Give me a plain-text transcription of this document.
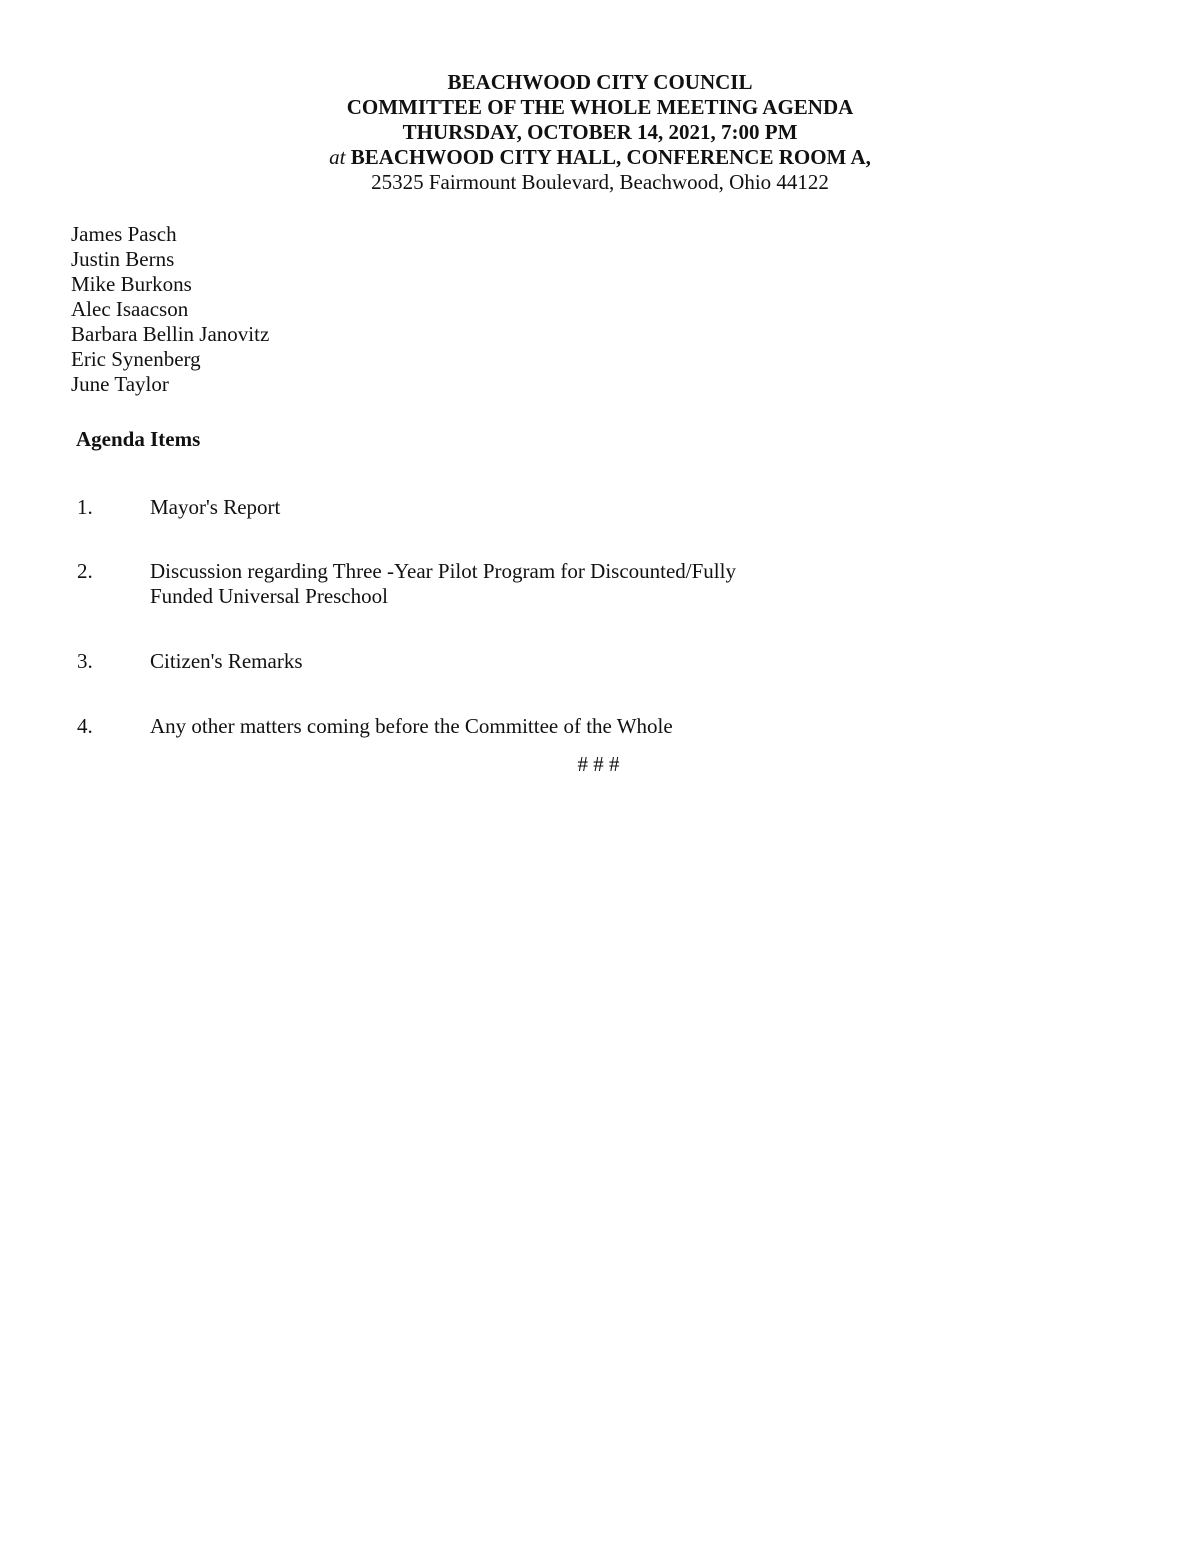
BEACHWOOD CITY COUNCIL
COMMITTEE OF THE WHOLE MEETING AGENDA
THURSDAY, OCTOBER 14, 2021, 7:00 PM
at BEACHWOOD CITY HALL, CONFERENCE ROOM A,
25325 Fairmount Boulevard, Beachwood, Ohio 44122
James Pasch
Justin Berns
Mike Burkons
Alec Isaacson
Barbara Bellin Janovitz
Eric Synenberg
June Taylor
Agenda Items
1.	Mayor's Report
2.	Discussion regarding Three -Year Pilot Program for Discounted/Fully
Funded Universal Preschool
3.	Citizen's Remarks
4.	Any other matters coming before the Committee of the Whole
# # #
